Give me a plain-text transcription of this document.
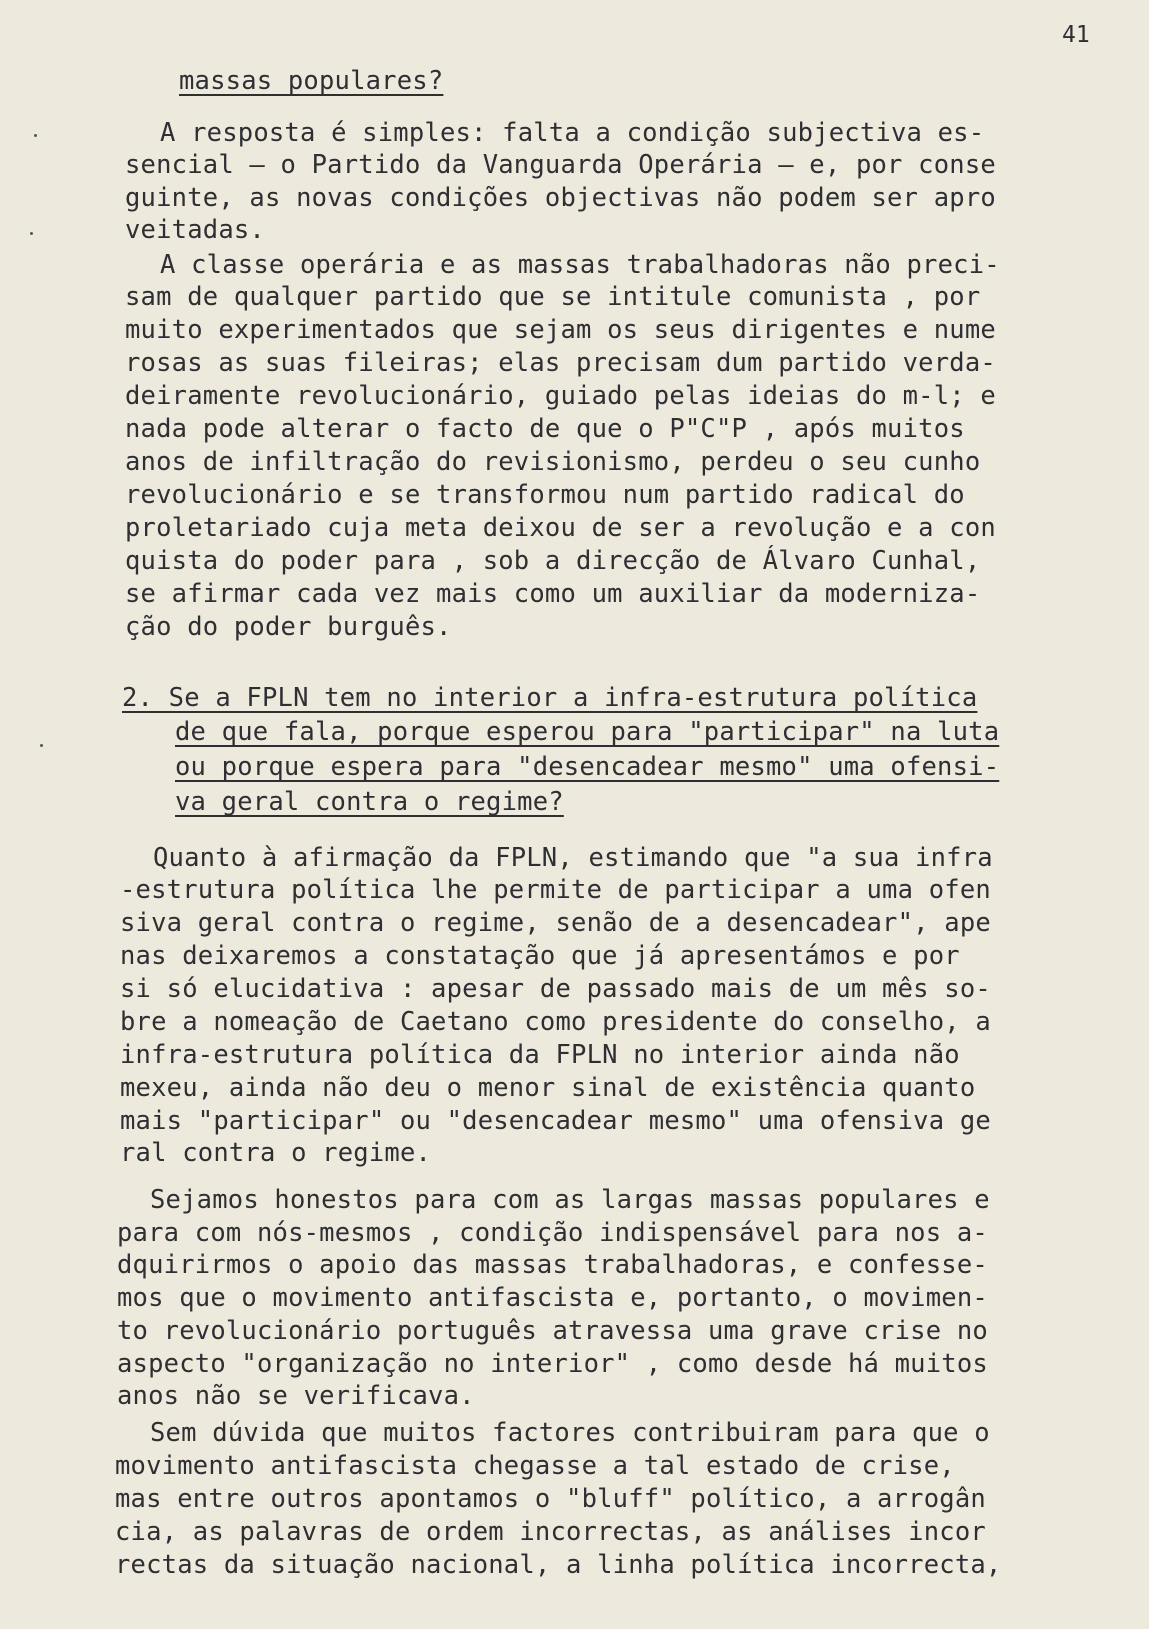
41
massas populares?
A resposta é simples: falta a condição subjectiva es-
sencial — o Partido da Vanguarda Operária — e, por conse
guinte, as novas condições objectivas não podem ser apro
veitadas.
A classe operária e as massas trabalhadoras não preci-
sam de qualquer partido que se intitule comunista , por
muito experimentados que sejam os seus dirigentes e nume
rosas as suas fileiras; elas precisam dum partido verda-
deiramente revolucionário, guiado pelas ideias do m-l; e
nada pode alterar o facto de que o P"C"P , após muitos
anos de infiltração do revisionismo, perdeu o seu cunho
revolucionário e se transformou num partido radical do
proletariado cuja meta deixou de ser a revolução e a con
quista do poder para , sob a direcção de Álvaro Cunhal,
se afirmar cada vez mais como um auxiliar da moderniza-
ção do poder burguês.
2. Se a FPLN tem no interior a infra-estrutura política
de que fala, porque esperou para "participar" na luta
ou porque espera para "desencadear mesmo" uma ofensi-
va geral contra o regime?
Quanto à afirmação da FPLN, estimando que "a sua infra
-estrutura política lhe permite de participar a uma ofen
siva geral contra o regime, senão de a desencadear", ape
nas deixaremos a constatação que já apresentámos e por
si só elucidativa : apesar de passado mais de um mês so-
bre a nomeação de Caetano como presidente do conselho, a
infra-estrutura política da FPLN no interior ainda não
mexeu, ainda não deu o menor sinal de existência quanto
mais "participar" ou "desencadear mesmo" uma ofensiva ge
ral contra o regime.
Sejamos honestos para com as largas massas populares e
para com nós-mesmos , condição indispensável para nos a-
dquirirmos o apoio das massas trabalhadoras, e confesse-
mos que o movimento antifascista e, portanto, o movimen-
to revolucionário português atravessa uma grave crise no
aspecto "organização no interior" , como desde há muitos
anos não se verificava.
Sem dúvida que muitos factores contribuiram para que o
movimento antifascista chegasse a tal estado de crise,
mas entre outros apontamos o "bluff" político, a arrogân
cia, as palavras de ordem incorrectas, as análises incor
rectas da situação nacional, a linha política incorrecta,
